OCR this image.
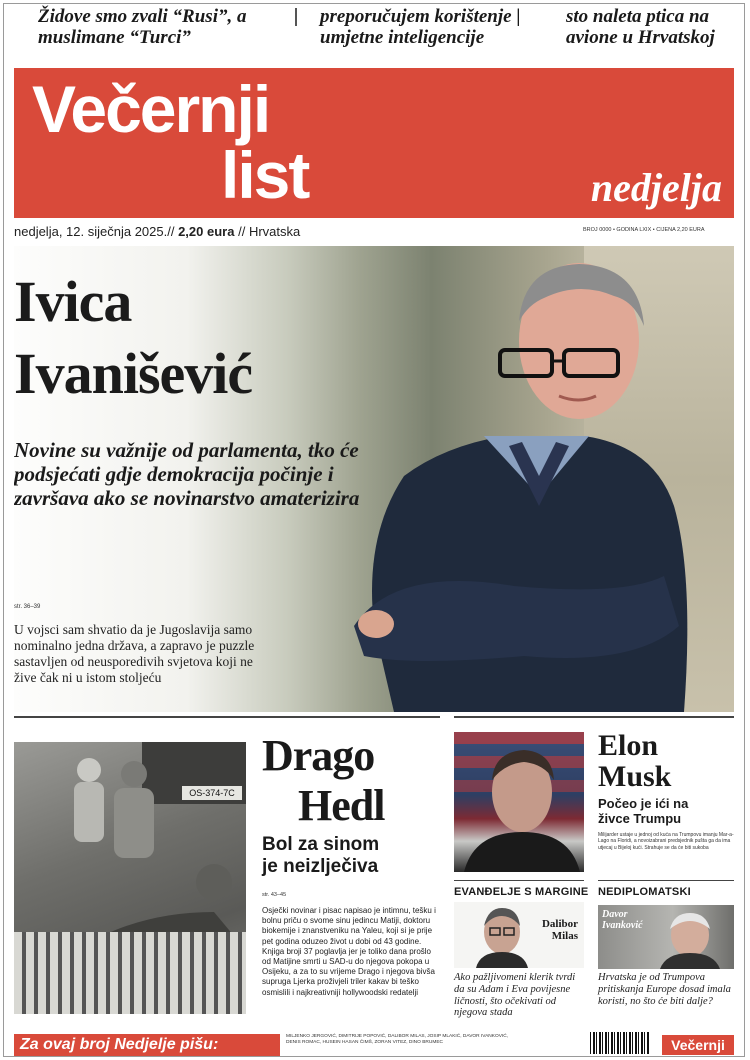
Židove smo zvali “Rusi”, a
muslimane “Turci”
preporučujem korištenje |
umjetne inteligencije
sto naleta ptica na
avione u Hrvatskoj
Večernji
list	nedjelja
nedjelja, 12. siječnja 2025.// 2,20 eura // Hrvatska	BROJ 0000 • GODINA LXIX • CIJENA 2,20 EURA
Ivica
Ivanišević
Novine su važnije od parlamenta, tko će podsjećati gdje demokracija počinje i završava ako se novinarstvo amaterizira
str. 36–39
U vojsci sam shvatio da je Jugoslavija samo nominalno jedna država, a zapravo je puzzle sastavljen od neusporedivih svjetova koji ne žive čak ni u istom stoljeću
OS-374-7C
Drago
Hedl
Bol za sinom
je neizlječiva
str. 43–45
Osječki novinar i pisac napisao je intimnu, tešku i bolnu priču o svome sinu jedincu Matiji, doktoru biokemije i znanstveniku na Yaleu, koji si je prije pet godina oduzeo život u dobi od 43 godine. Knjiga broji 37 poglavlja jer je toliko dana prošlo od Matijine smrti u SAD-u do njegova pokopa u Osijeku, a za to su vrijeme Drago i njegova bivša supruga Ljerka proživjeli triler kakav bi teško osmislili i najkreativniji hollywoodski redatelji
Elon
Musk
Počeo je ići na
živce Trumpu
Milijarder ustaje u jednoj od kuća na Trumpovu imanju Mar-a-Lago na Floridi, a novoizabrani predsjednik pušta ga da ima utjecaj u Bijeloj kući. Strahuje se da će biti sukoba
EVANĐELJE S MARGINE NEDIPLOMATSKI
Dalibor
Milas
Ako pažljivomeni klerik tvrdi da su Adam i Eva povijesne ličnosti, što očekivati od njegova stada
Davor
Ivanković
Hrvatska je od Trumpova pritiskanja Europe dosad imala koristi, no što će biti dalje?
Za ovaj broj Nedjelje pišu:	MILJENKO JERGOVIĆ, DIMITRIJE POPOVIĆ, DALIBOR MILAS, JOSIP MLAKIĆ, DAVOR IVANKOVIĆ, DENIS ROMAC, HUSEIN HASAN ČIMŠ, ZORAN VITEZ, DINO BRUMEC	Večernji
